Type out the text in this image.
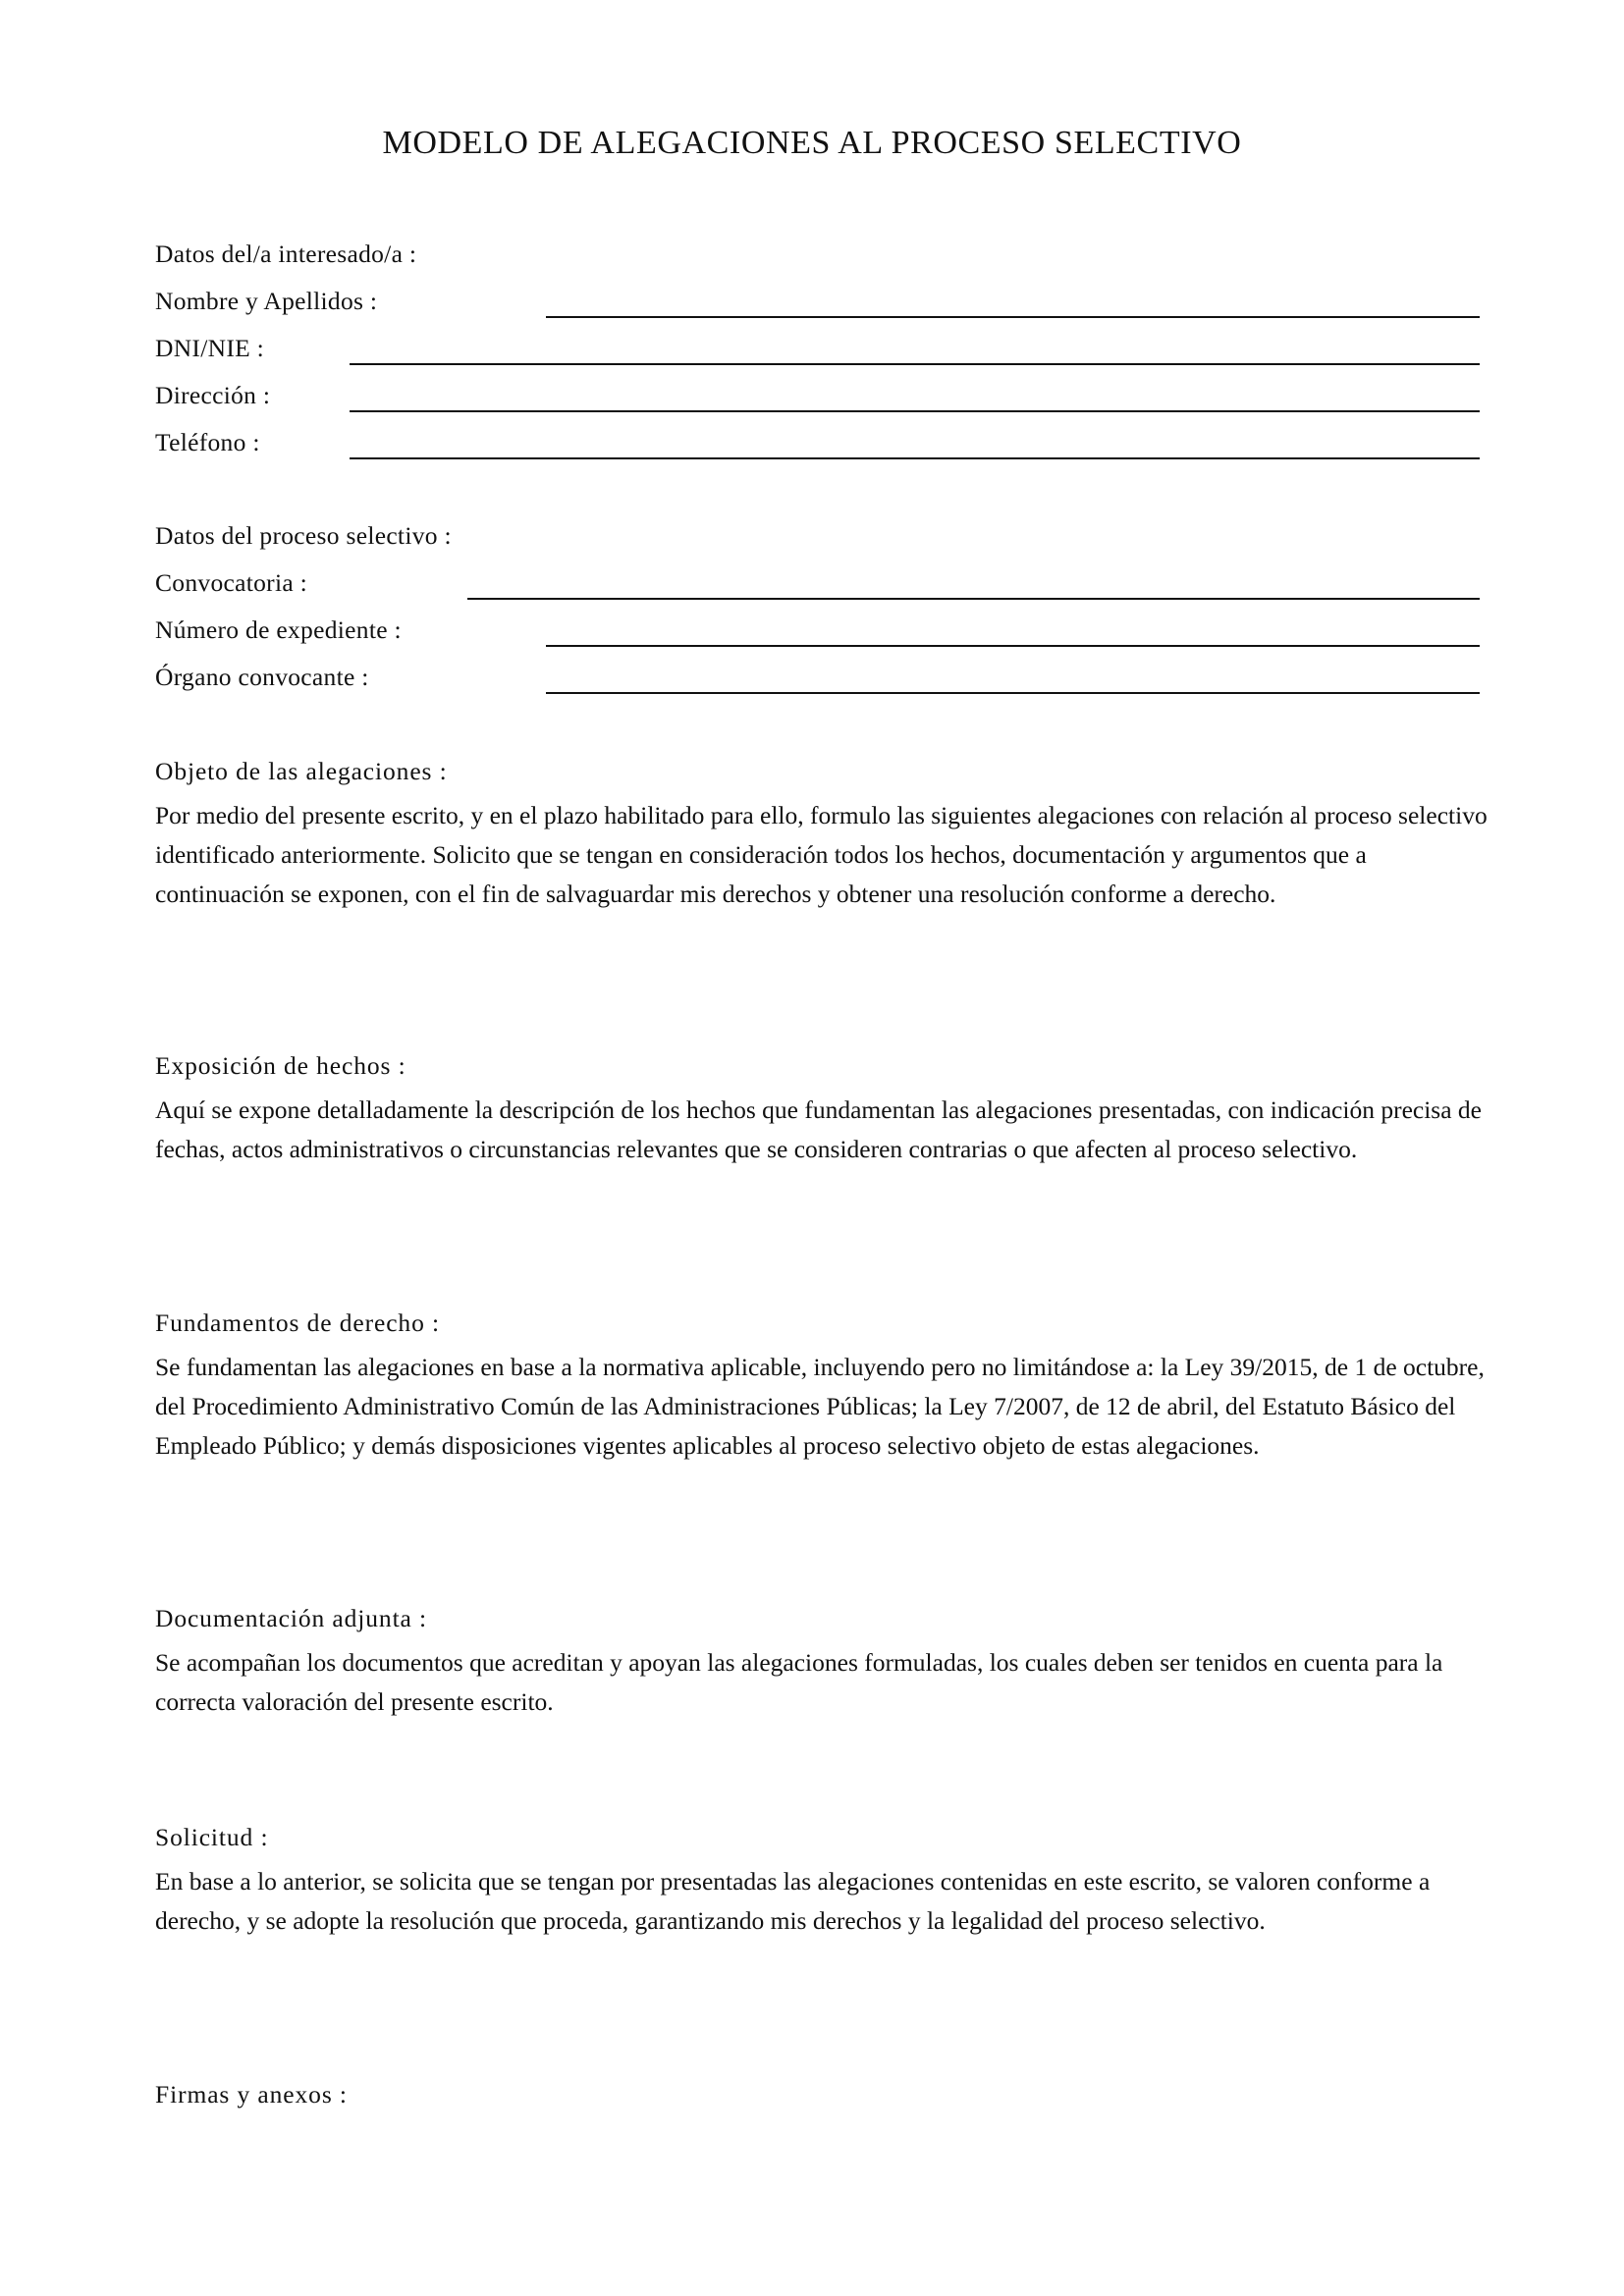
MODELO DE ALEGACIONES AL PROCESO SELECTIVO
Datos del/a interesado/a :
Nombre y Apellidos :
DNI/NIE :
Dirección :
Teléfono :
Datos del proceso selectivo :
Convocatoria :
Número de expediente :
Órgano convocante :
Objeto de las alegaciones :

Por medio del presente escrito, y en el plazo habilitado para ello, formulo las siguientes alegaciones con relación al proceso selectivo identificado anteriormente. Solicito que se tengan en consideración todos los hechos, documentación y argumentos que a continuación se exponen, con el fin de salvaguardar mis derechos y obtener una resolución conforme a derecho.

Exposición de hechos :

Aquí se expone detalladamente la descripción de los hechos que fundamentan las alegaciones presentadas, con indicación precisa de fechas, actos administrativos o circunstancias relevantes que se consideren contrarias o que afecten al proceso selectivo.

Fundamentos de derecho :

Se fundamentan las alegaciones en base a la normativa aplicable, incluyendo pero no limitándose a: la Ley 39/2015, de 1 de octubre, del Procedimiento Administrativo Común de las Administraciones Públicas; la Ley 7/2007, de 12 de abril, del Estatuto Básico del Empleado Público; y demás disposiciones vigentes aplicables al proceso selectivo objeto de estas alegaciones.

Documentación adjunta :

Se acompañan los documentos que acreditan y apoyan las alegaciones formuladas, los cuales deben ser tenidos en cuenta para la correcta valoración del presente escrito.

Solicitud :

En base a lo anterior, se solicita que se tengan por presentadas las alegaciones contenidas en este escrito, se valoren conforme a derecho, y se adopte la resolución que proceda, garantizando mis derechos y la legalidad del proceso selectivo.

Firmas y anexos :
